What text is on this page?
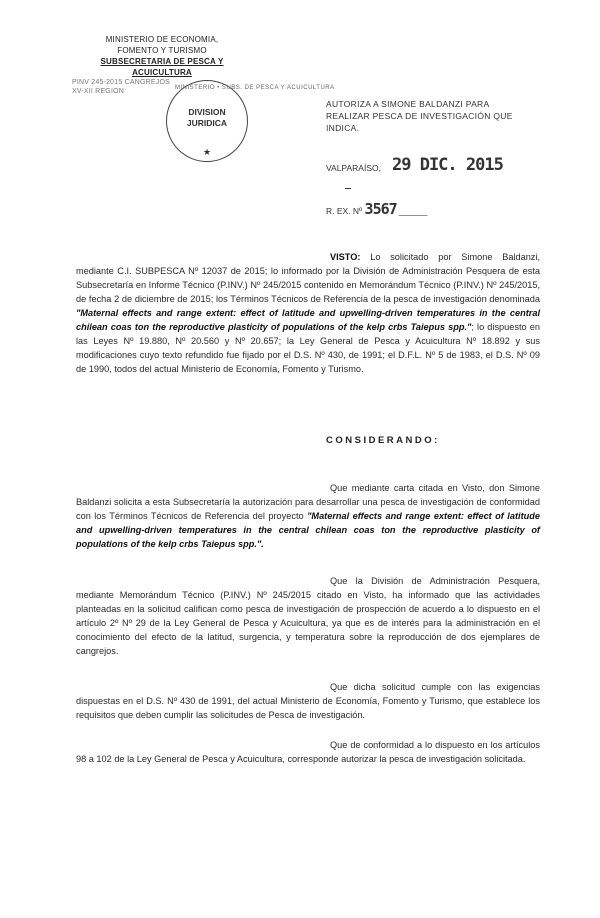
MINISTERIO DE ECONOMIA,
FOMENTO Y TURISMO
SUBSECRETARIA DE PESCA Y ACUICULTURA
PINV 245-2015 CANGREJOS
XV-XII REGION	MINISTERIO • SUBS. DE PESCA Y ACUICULTURA
DIVISION
JURIDICA
★
AUTORIZA A SIMONE BALDANZI PARA REALIZAR PESCA DE INVESTIGACIÓN QUE INDICA.
VALPARAÍSO, 29 DIC. 2015
R. EX. Nº 3567 ______
VISTO: Lo solicitado por Simone Baldanzi, mediante C.I. SUBPESCA Nº 12037 de 2015; lo informado por la División de Administración Pesquera de esta Subsecretaría en Informe Técnico (P.INV.) Nº 245/2015 contenido en Memorándum Técnico (P.INV.) Nº 245/2015, de fecha 2 de diciembre de 2015; los Términos Técnicos de Referencia de la pesca de investigación denominada "Maternal effects and range extent: effect of latitude and upwelling-driven temperatures in the central chilean coas ton the reproductive plasticity of populations of the kelp crbs Taiepus spp."; lo dispuesto en las Leyes Nº 19.880, Nº 20.560 y Nº 20.657; la Ley General de Pesca y Acuicultura Nº 18.892 y sus modificaciones cuyo texto refundido fue fijado por el D.S. Nº 430, de 1991; el D.F.L. Nº 5 de 1983, el D.S. Nº 09 de 1990, todos del actual Ministerio de Economía, Fomento y Turismo.
CONSIDERANDO:
Que mediante carta citada en Visto, don Simone Baldanzi solicita a esta Subsecretaría la autorización para desarrollar una pesca de investigación de conformidad con los Términos Técnicos de Referencia del proyecto "Maternal effects and range extent: effect of latitude and upwelling-driven temperatures in the central chilean coas ton the reproductive plasticity of populations of the kelp crbs Taiepus spp.".
Que la División de Administración Pesquera, mediante Memorándum Técnico (P.INV.) Nº 245/2015 citado en Visto, ha informado que las actividades planteadas en la solicitud califican como pesca de investigación de prospección de acuerdo a lo dispuesto en el artículo 2º Nº 29 de la Ley General de Pesca y Acuicultura, ya que es de interés para la administración en el conocimiento del efecto de la latitud, surgencia, y temperatura sobre la reproducción de dos ejemplares de cangrejos.
Que dicha solicitud cumple con las exigencias dispuestas en el D.S. Nº 430 de 1991, del actual Ministerio de Economía, Fomento y Turismo, que establece los requisitos que deben cumplir las solicitudes de Pesca de investigación.
Que de conformidad a lo dispuesto en los artículos 98 a 102 de la Ley General de Pesca y Acuicultura, corresponde autorizar la pesca de investigación solicitada.
